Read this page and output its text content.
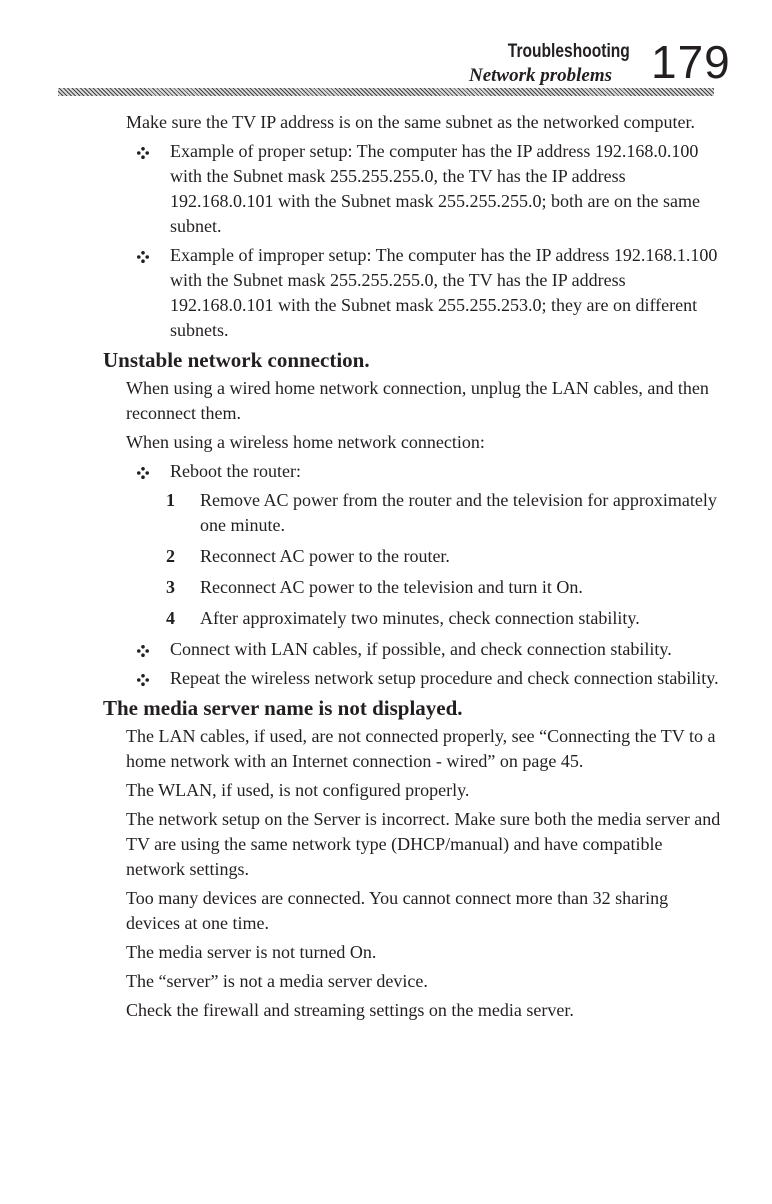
Troubleshooting
Network problems 179

Make sure the TV IP address is on the same subnet as the networked computer.

Example of proper setup: The computer has the IP address 192.168.0.100 with the Subnet mask 255.255.255.0, the TV has the IP address 192.168.0.101 with the Subnet mask 255.255.255.0; both are on the same subnet.
Example of improper setup: The computer has the IP address 192.168.1.100 with the Subnet mask 255.255.255.0, the TV has the IP address 192.168.0.101 with the Subnet mask 255.255.253.0; they are on different subnets.
Unstable network connection.

When using a wired home network connection, unplug the LAN cables, and then reconnect them.

When using a wireless home network connection:

Reboot the router:
1 Remove AC power from the router and the television for approximately one minute.
2 Reconnect AC power to the router.
3 Reconnect AC power to the television and turn it On.
4 After approximately two minutes, check connection stability.
Connect with LAN cables, if possible, and check connection stability.
Repeat the wireless network setup procedure and check connection stability.
The media server name is not displayed.

The LAN cables, if used, are not connected properly, see “Connecting the TV to a home network with an Internet connection - wired” on page 45.

The WLAN, if used, is not configured properly.

The network setup on the Server is incorrect. Make sure both the media server and TV are using the same network type (DHCP/manual) and have compatible network settings.

Too many devices are connected. You cannot connect more than 32 sharing devices at one time.

The media server is not turned On.

The “server” is not a media server device.

Check the firewall and streaming settings on the media server.
